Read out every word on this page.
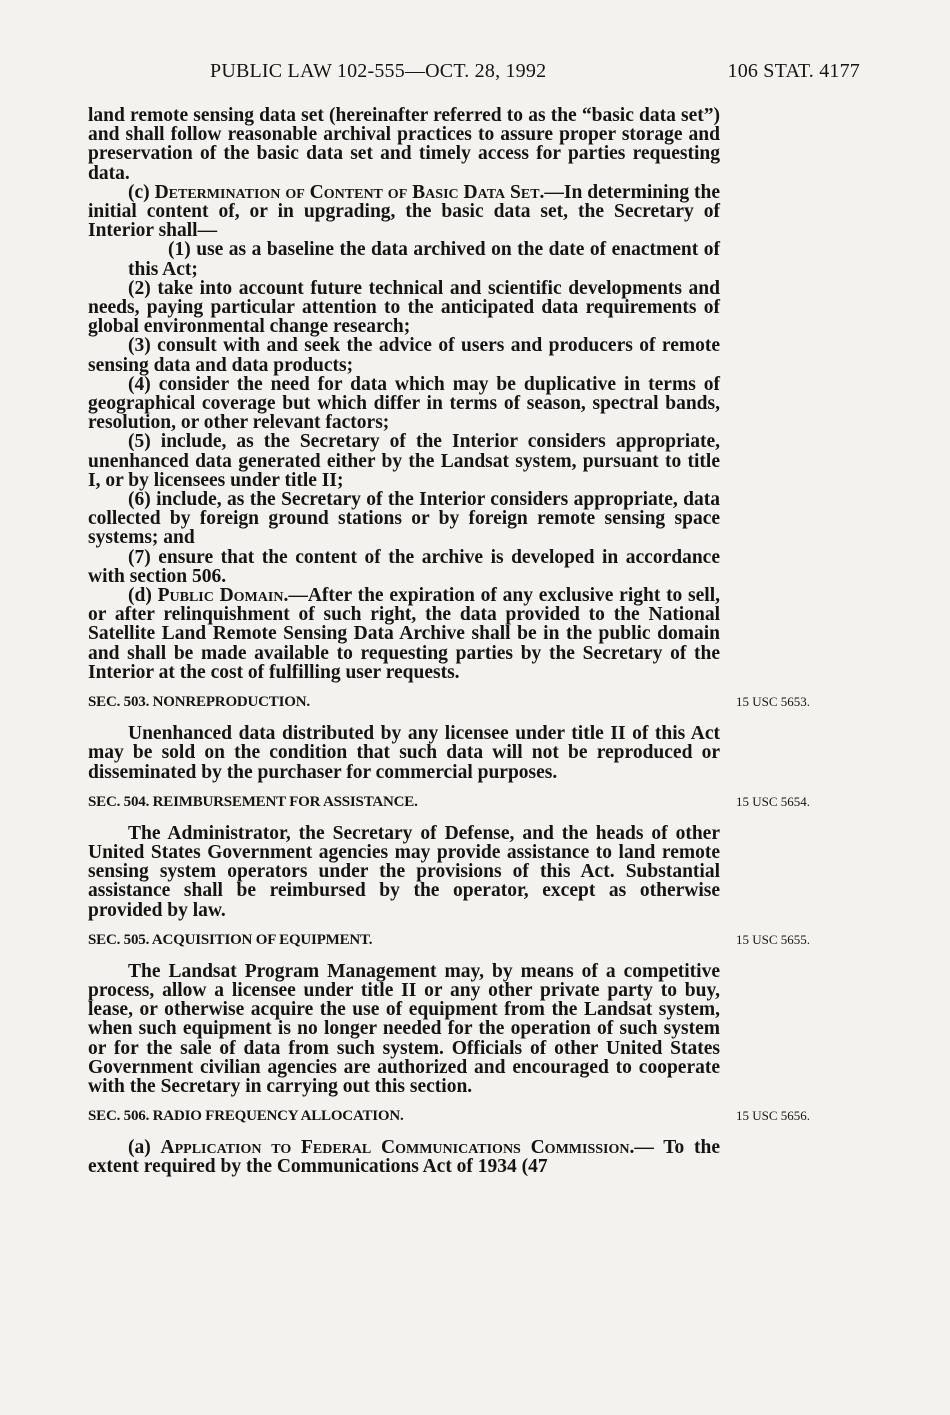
PUBLIC LAW 102-555—OCT. 28, 1992	106 STAT. 4177

land remote sensing data set (hereinafter referred to as the “basic data set”) and shall follow reasonable archival practices to assure proper storage and preservation of the basic data set and timely access for parties requesting data.

(c) Determination of Content of Basic Data Set.—In determining the initial content of, or in upgrading, the basic data set, the Secretary of Interior shall—

(1) use as a baseline the data archived on the date of enactment of this Act;

(2) take into account future technical and scientific developments and needs, paying particular attention to the anticipated data requirements of global environmental change research;

(3) consult with and seek the advice of users and producers of remote sensing data and data products;

(4) consider the need for data which may be duplicative in terms of geographical coverage but which differ in terms of season, spectral bands, resolution, or other relevant factors;

(5) include, as the Secretary of the Interior considers appropriate, unenhanced data generated either by the Landsat system, pursuant to title I, or by licensees under title II;

(6) include, as the Secretary of the Interior considers appropriate, data collected by foreign ground stations or by foreign remote sensing space systems; and

(7) ensure that the content of the archive is developed in accordance with section 506.

(d) Public Domain.—After the expiration of any exclusive right to sell, or after relinquishment of such right, the data provided to the National Satellite Land Remote Sensing Data Archive shall be in the public domain and shall be made available to requesting parties by the Secretary of the Interior at the cost of fulfilling user requests.

SEC. 503. NONREPRODUCTION.	15 USC 5653.

Unenhanced data distributed by any licensee under title II of this Act may be sold on the condition that such data will not be reproduced or disseminated by the purchaser for commercial purposes.

SEC. 504. REIMBURSEMENT FOR ASSISTANCE.	15 USC 5654.

The Administrator, the Secretary of Defense, and the heads of other United States Government agencies may provide assistance to land remote sensing system operators under the provisions of this Act. Substantial assistance shall be reimbursed by the operator, except as otherwise provided by law.

SEC. 505. ACQUISITION OF EQUIPMENT.	15 USC 5655.

The Landsat Program Management may, by means of a competitive process, allow a licensee under title II or any other private party to buy, lease, or otherwise acquire the use of equipment from the Landsat system, when such equipment is no longer needed for the operation of such system or for the sale of data from such system. Officials of other United States Government civilian agencies are authorized and encouraged to cooperate with the Secretary in carrying out this section.

SEC. 506. RADIO FREQUENCY ALLOCATION.	15 USC 5656.

(a) Application to Federal Communications Commission.— To the extent required by the Communications Act of 1934 (47
